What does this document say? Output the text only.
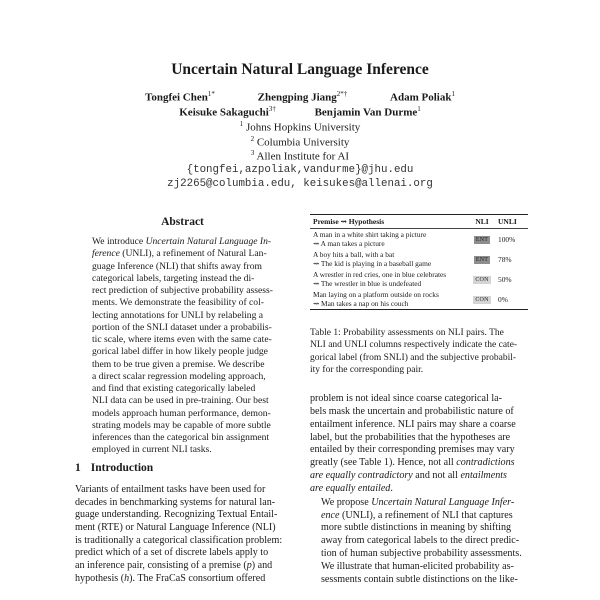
Uncertain Natural Language Inference
Tongfei Chen$^{1*}$	Zhengping Jiang$^{2*\dagger}$	Adam Poliak$^1$
Keisuke Sakaguchi$^{3\dagger}$	Benjamin Van Durme$^1$
$^1$ Johns Hopkins University
$^2$ Columbia University
$^3$ Allen Institute for AI
{tongfei,azpoliak,vandurme}@jhu.edu
zj2265@columbia.edu, keisukes@allenai.org
Abstract

We introduce Uncertain Natural Language In-

ference (UNLI), a refinement of Natural Lan-

guage Inference (NLI) that shifts away from

categorical labels, targeting instead the di-

rect prediction of subjective probability assess-

ments. We demonstrate the feasibility of col-

lecting annotations for UNLI by relabeling a

portion of the SNLI dataset under a probabilis-

tic scale, where items even with the same cate-

gorical label differ in how likely people judge

them to be true given a premise. We describe

a direct scalar regression modeling approach,

and find that existing categorically labeled

NLI data can be used in pre-training. Our best

models approach human performance, demon-

strating models may be capable of more subtle

inferences than the categorical bin assignment

employed in current NLI tasks.

1 Introduction

Variants of entailment tasks have been used for

decades in benchmarking systems for natural lan-

guage understanding. Recognizing Textual Entail-

ment (RTE) or Natural Language Inference (NLI)

is traditionally a categorical classification problem:

predict which of a set of discrete labels apply to

an inference pair, consisting of a premise (p) and

hypothesis (h). The FraCaS consortium offered

Premise ⇝ Hypothesis	NLI	UNLI
A man in a white shirt taking a picture
⇝ A man takes a picture	ENT	100%
A boy hits a ball, with a bat
⇝ The kid is playing in a baseball game	ENT	78%
A wrestler in red cries, one in blue celebrates
⇝ The wrestler in blue is undefeated	CON	50%
Man laying on a platform outside on rocks
⇝ Man takes a nap on his couch	CON	0%

Table 1: Probability assessments on NLI pairs. The

NLI and UNLI columns respectively indicate the cate-

gorical label (from SNLI) and the subjective probabil-

ity for the corresponding pair.

problem is not ideal since coarse categorical la-

bels mask the uncertain and probabilistic nature of

entailment inference. NLI pairs may share a coarse

label, but the probabilities that the hypotheses are

entailed by their corresponding premises may vary

greatly (see Table 1). Hence, not all contradictions

are equally contradictory and not all entailments

are equally entailed.

We propose Uncertain Natural Language Infer-

ence (UNLI), a refinement of NLI that captures

more subtle distinctions in meaning by shifting

away from categorical labels to the direct predic-

tion of human subjective probability assessments.

We illustrate that human-elicited probability as-

sessments contain subtle distinctions on the like-
